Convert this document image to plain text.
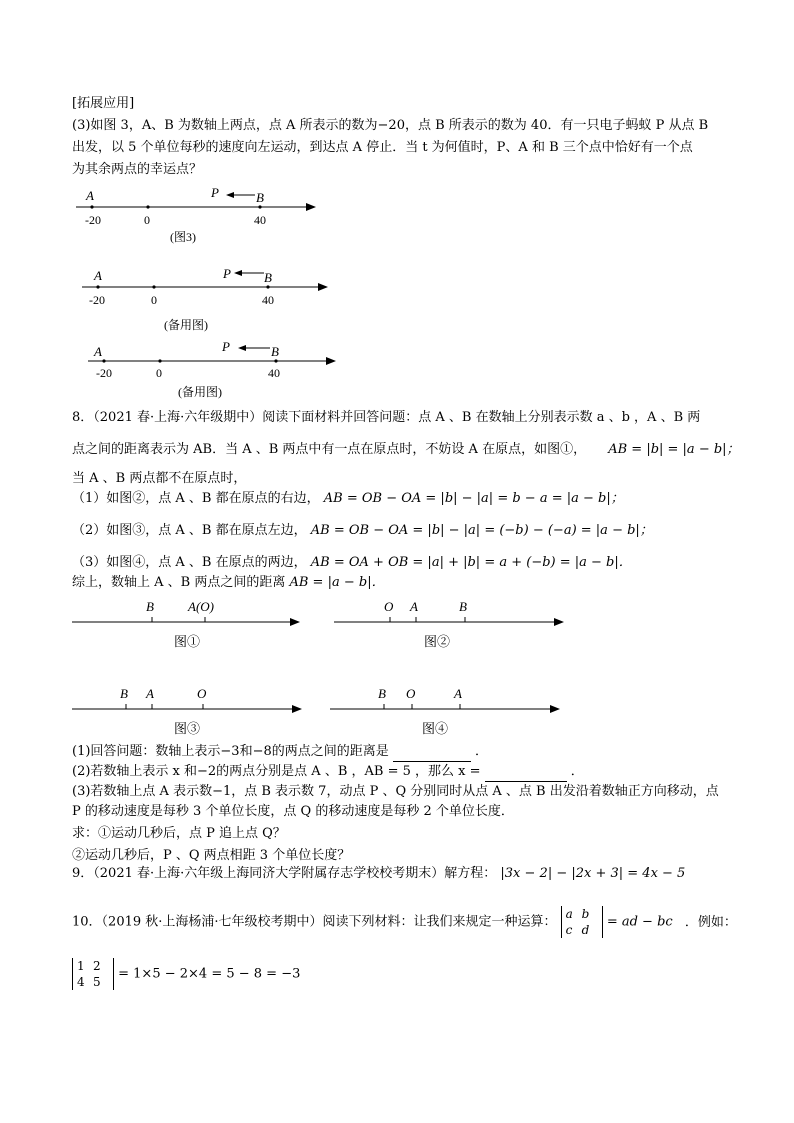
[拓展应用]
(3)如图 3，A、B 为数轴上两点，点 A 所表示的数为−20，点 B 所表示的数为 40．有一只电子蚂蚁 P 从点 B
出发，以 5 个单位每秒的速度向左运动，到达点 A 停止．当 t 为何值时，P、A 和 B 三个点中恰好有一个点
为其余两点的幸运点？
A	P	B
-20	0	40
(图3)
A	P	B
-20	0	40
(备用图)
A	P	B
-20	0	40
(备用图)
8．（2021 春·上海·六年级期中）阅读下面材料并回答问题：点 A 、B 在数轴上分别表示数 a 、b ，A 、B 两
点之间的距离表示为 AB．当 A 、B 两点中有一点在原点时，不妨设 A 在原点，如图①， AB = |b| = |a − b|；
当 A 、B 两点都不在原点时，
（1）如图②，点 A 、B 都在原点的右边， AB = OB − OA = |b| − |a| = b − a = |a − b|；
（2）如图③，点 A 、B 都在原点左边， AB = OB − OA = |b| − |a| = (−b) − (−a) = |a − b|；
（3）如图④，点 A 、B 在原点的两边， AB = OA + OB = |a| + |b| = a + (−b) = |a − b|．
综上，数轴上 A 、B 两点之间的距离 AB = |a − b|．
B	A(O)
图①
O A	B
图②
B A	O
图③
B O	A
图④
(1)回答问题：数轴上表示−3和−8的两点之间的距离是	．
(2)若数轴上表示 x 和−2的两点分别是点 A 、B ，AB = 5 ，那么 x =	．
(3)若数轴上点 A 表示数−1，点 B 表示数 7，动点 P 、Q 分别同时从点 A 、点 B 出发沿着数轴正方向移动，点
P 的移动速度是每秒 3 个单位长度，点 Q 的移动速度是每秒 2 个单位长度．
求：①运动几秒后，点 P 追上点 Q？
②运动几秒后，P 、Q 两点相距 3 个单位长度？
9．（2021 春·上海·六年级上海同济大学附属存志学校校考期末）解方程： |3x − 2| − |2x + 3| = 4x − 5
10．（2019 秋·上海杨浦·七年级校考期中）阅读下列材料：让我们来规定一种运算： a b
c d = ad − bc ．例如：
1 2
4 5 = 1×5 − 2×4 = 5 − 8 = −3
